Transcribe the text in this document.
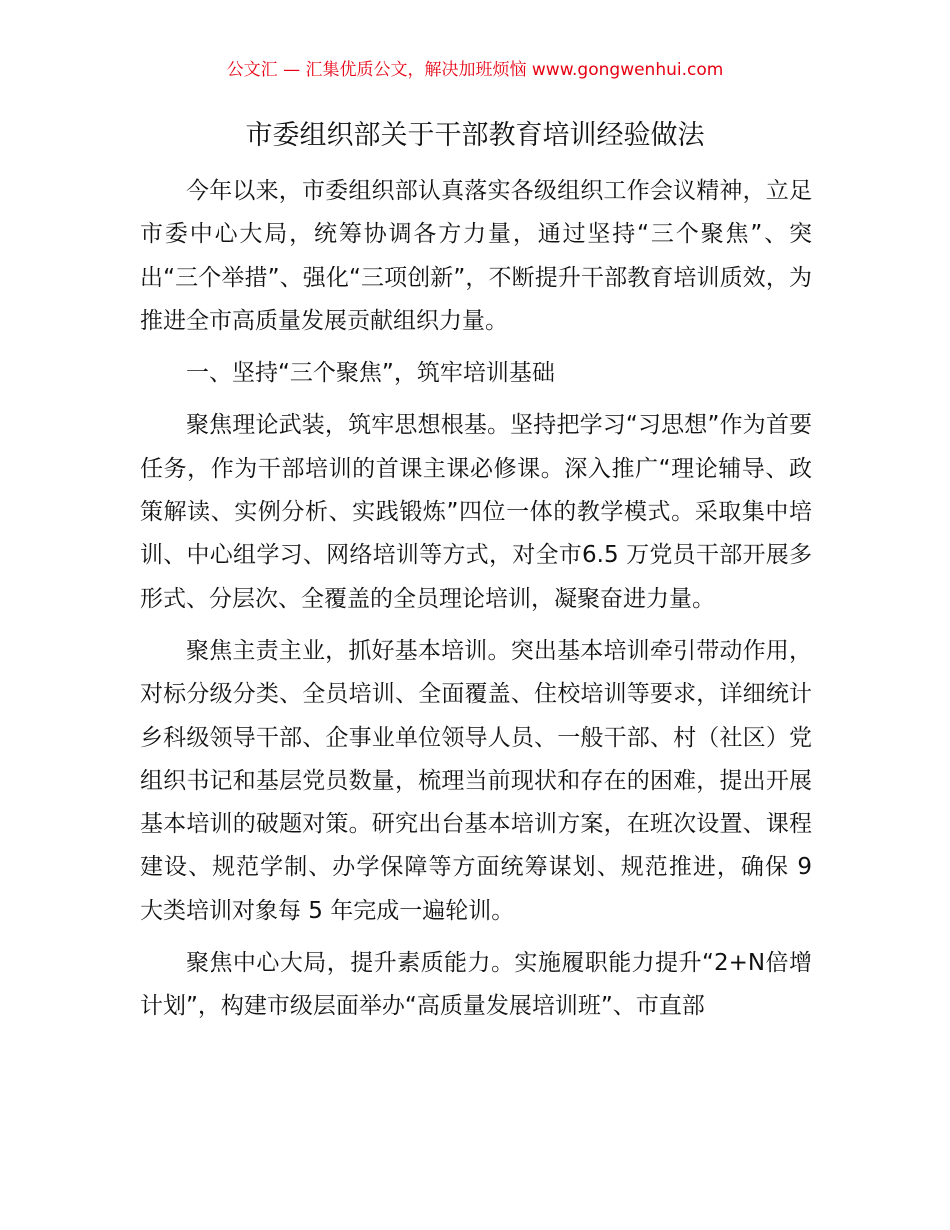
公文汇 — 汇集优质公文，解决加班烦恼 www.gongwenhui.com
市委组织部关于干部教育培训经验做法

今年以来，市委组织部认真落实各级组织工作会议精神，立足市委中心大局，统筹协调各方力量，通过坚持“三个聚焦”、突出“三个举措”、强化“三项创新”，不断提升干部教育培训质效，为推进全市高质量发展贡献组织力量。

一、坚持“三个聚焦”，筑牢培训基础

聚焦理论武装，筑牢思想根基。坚持把学习“习思想”作为首要任务，作为干部培训的首课主课必修课。深入推广“理论辅导、政策解读、实例分析、实践锻炼”四位一体的教学模式。采取集中培训、中心组学习、网络培训等方式，对全市6.5 万党员干部开展多形式、分层次、全覆盖的全员理论培训，凝聚奋进力量。

聚焦主责主业，抓好基本培训。突出基本培训牵引带动作用，对标分级分类、全员培训、全面覆盖、住校培训等要求，详细统计乡科级领导干部、企事业单位领导人员、一般干部、村（社区）党组织书记和基层党员数量，梳理当前现状和存在的困难，提出开展基本培训的破题对策。研究出台基本培训方案，在班次设置、课程建设、规范学制、办学保障等方面统筹谋划、规范推进，确保 9 大类培训对象每 5 年完成一遍轮训。

聚焦中心大局，提升素质能力。实施履职能力提升“2+N倍增计划”，构建市级层面举办“高质量发展培训班”、市直部
